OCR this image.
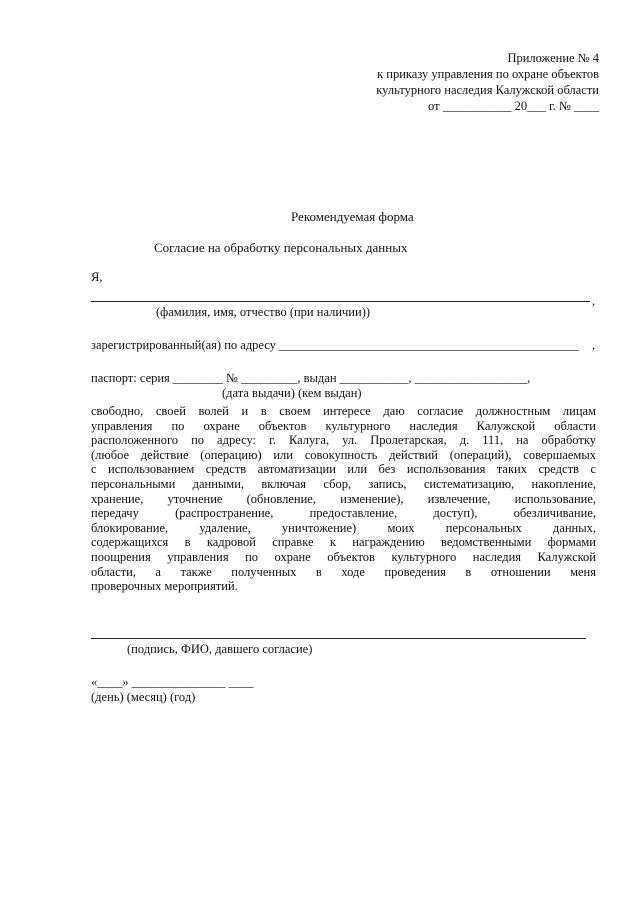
Приложение № 4
к приказу управления по охране объектов
культурного наследия Калужской области
от ___________ 20___ г. № ____
Рекомендуемая форма
Согласие на обработку персональных данных
Я,
,
(фамилия, имя, отчество (при наличии))
зарегистрированный(ая) по адресу ________________________________________________ ,
паспорт: серия ________ № _________, выдан ___________, __________________,
(дата выдачи) (кем выдан)
свободно, своей волей и в своем интересе даю согласие должностным лицам
управления по охране объектов культурного наследия Калужской области
расположенного по адресу: г. Калуга, ул. Пролетарская, д. 111, на обработку
(любое действие (операцию) или совокупность действий (операций), совершаемых
с использованием средств автоматизации или без использования таких средств с
персональными данными, включая сбор, запись, систематизацию, накопление,
хранение, уточнение (обновление, изменение), извлечение, использование,
передачу (распространение, предоставление, доступ), обезличивание,
блокирование, удаление, уничтожение) моих персональных данных,
содержащихся в кадровой справке к награждению ведомственными формами
поощрения управления по охране объектов культурного наследия Калужской
области, а также полученных в ходе проведения в отношении меня
проверочных мероприятий.
(подпись, ФИО, давшего согласие)
«____» _______________ ____
(день) (месяц) (год)
